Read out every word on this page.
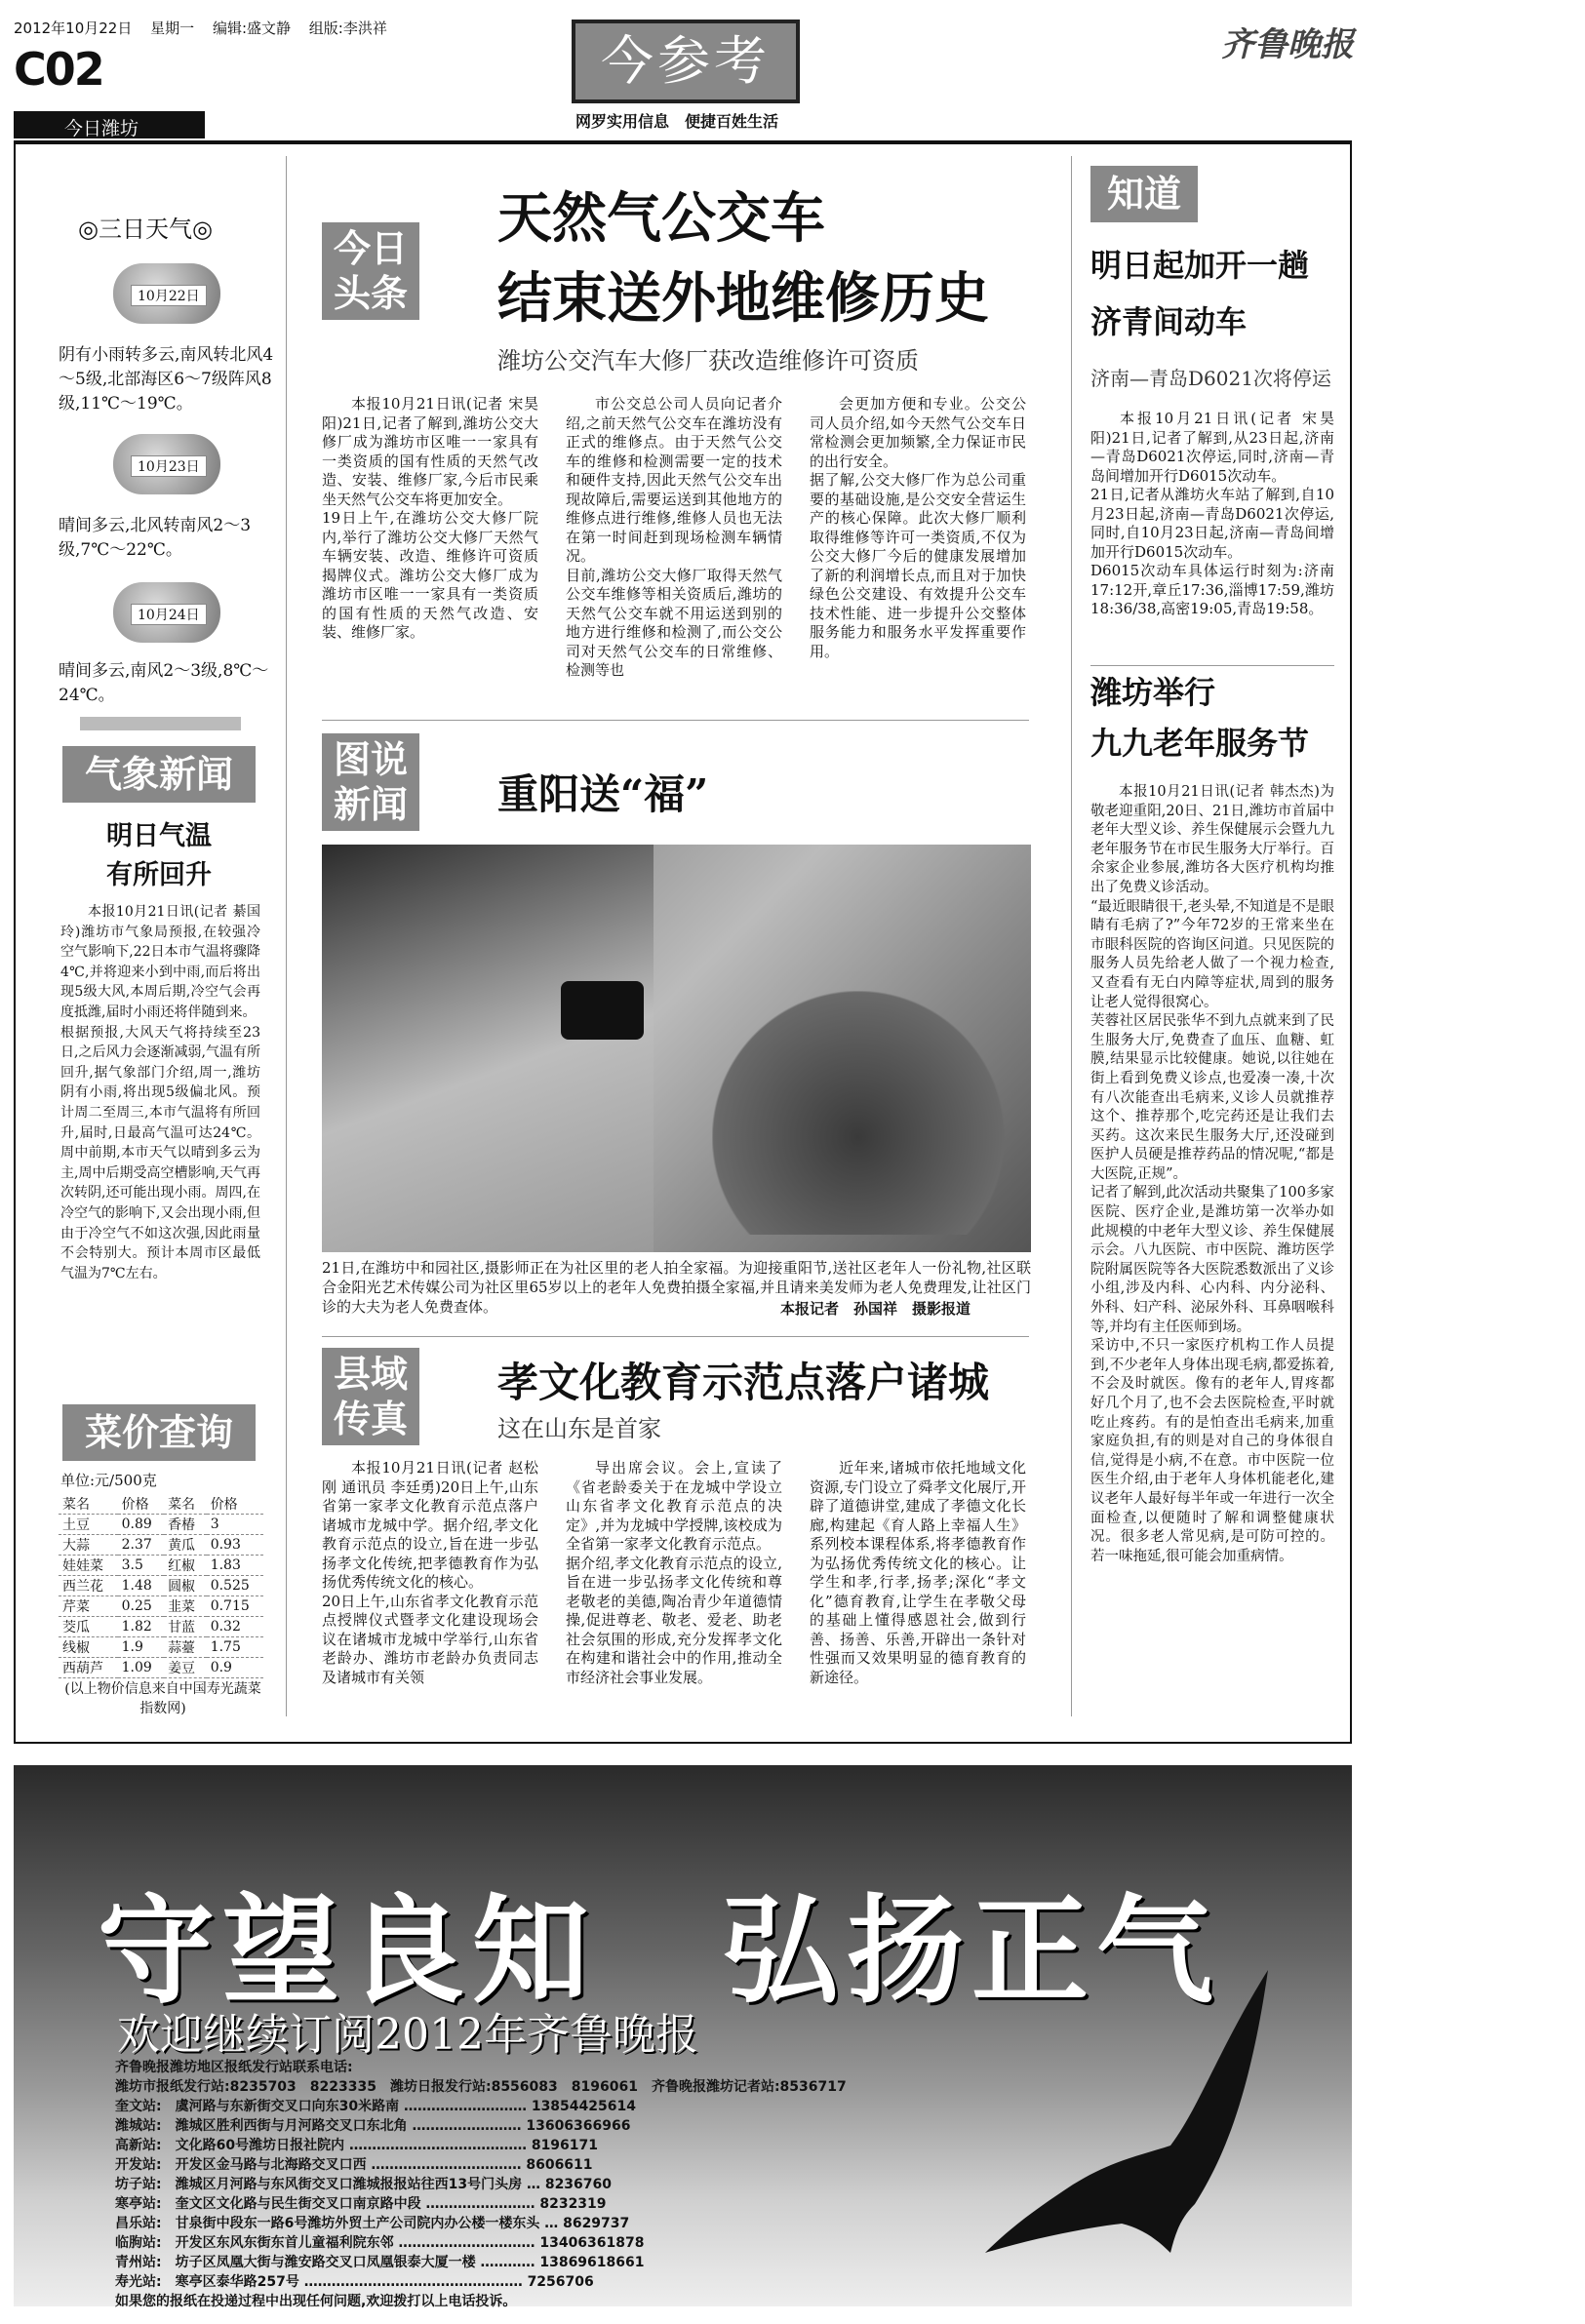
2012年10月22日 星期一 编辑:盛文静 组版:李洪祥
C02
今日潍坊
今参考
网罗实用信息　便捷百姓生活
齐鲁晚报
◎三日天气◎
10月22日
阴有小雨转多云,南风转北风4～5级,北部海区6～7级阵风8级,11℃～19℃。
10月23日
晴间多云,北风转南风2～3级,7℃～22℃。
10月24日
晴间多云,南风2～3级,8℃～24℃。
气象新闻
明日气温
有所回升
本报10月21日讯(记者 綦国玲)潍坊市气象局预报,在较强冷空气影响下,22日本市气温将骤降4℃,并将迎来小到中雨,而后将出现5级大风,本周后期,冷空气会再度抵潍,届时小雨还将伴随到来。
根据预报,大风天气将持续至23日,之后风力会逐渐减弱,气温有所回升,据气象部门介绍,周一,潍坊阴有小雨,将出现5级偏北风。预计周二至周三,本市气温将有所回升,届时,日最高气温可达24℃。周中前期,本市天气以晴到多云为主,周中后期受高空槽影响,天气再次转阴,还可能出现小雨。周四,在冷空气的影响下,又会出现小雨,但由于冷空气不如这次强,因此雨量不会特别大。预计本周市区最低气温为7℃左右。
菜价查询
单位:元/500克
菜名	价格	菜名	价格
土豆	0.89	香椿	3
大蒜	2.37	黄瓜	0.93
娃娃菜	3.5	红椒	1.83
西兰花	1.48	圆椒	0.525
芹菜	0.25	韭菜	0.715
茭瓜	1.82	甘蓝	0.32
线椒	1.9	蒜薹	1.75
西葫芦	1.09	姜豆	0.9
(以上物价信息来自中国寿光蔬菜指数网)
今日
头条
天然气公交车
结束送外地维修历史
潍坊公交汽车大修厂获改造维修许可资质
本报10月21日讯(记者 宋昊阳)21日,记者了解到,潍坊公交大修厂成为潍坊市区唯一一家具有一类资质的国有性质的天然气改造、安装、维修厂家,今后市民乘坐天然气公交车将更加安全。
19日上午,在潍坊公交大修厂院内,举行了潍坊公交大修厂天然气车辆安装、改造、维修许可资质揭牌仪式。潍坊公交大修厂成为潍坊市区唯一一家具有一类资质的国有性质的天然气改造、安装、维修厂家。
市公交总公司人员向记者介绍,之前天然气公交车在潍坊没有正式的维修点。由于天然气公交车的维修和检测需要一定的技术和硬件支持,因此天然气公交车出现故障后,需要运送到其他地方的维修点进行维修,维修人员也无法在第一时间赶到现场检测车辆情况。
目前,潍坊公交大修厂取得天然气公交车维修等相关资质后,潍坊的天然气公交车就不用运送到别的地方进行维修和检测了,而公交公司对天然气公交车的日常维修、检测等也
会更加方便和专业。公交公司人员介绍,如今天然气公交车日常检测会更加频繁,全力保证市民的出行安全。
据了解,公交大修厂作为总公司重要的基础设施,是公交安全营运生产的核心保障。此次大修厂顺利取得维修等许可一类资质,不仅为公交大修厂今后的健康发展增加了新的利润增长点,而且对于加快绿色公交建设、有效提升公交车技术性能、进一步提升公交整体服务能力和服务水平发挥重要作用。
图说
新闻 重阳送“福”
21日,在潍坊中和园社区,摄影师正在为社区里的老人拍全家福。为迎接重阳节,送社区老年人一份礼物,社区联合金阳光艺术传媒公司为社区里65岁以上的老年人免费拍摄全家福,并且请来美发师为老人免费理发,让社区门诊的大夫为老人免费查体。	本报记者　孙国祥　摄影报道
县域
传真
孝文化教育示范点落户诸城
这在山东是首家
本报10月21日讯(记者 赵松刚 通讯员 李廷勇)20日上午,山东省第一家孝文化教育示范点落户诸城市龙城中学。据介绍,孝文化教育示范点的设立,旨在进一步弘扬孝文化传统,把孝德教育作为弘扬优秀传统文化的核心。
20日上午,山东省孝文化教育示范点授牌仪式暨孝文化建设现场会议在诸城市龙城中学举行,山东省老龄办、潍坊市老龄办负责同志及诸城市有关领
导出席会议。会上,宣读了《省老龄委关于在龙城中学设立山东省孝文化教育示范点的决定》,并为龙城中学授牌,该校成为全省第一家孝文化教育示范点。
据介绍,孝文化教育示范点的设立,旨在进一步弘扬孝文化传统和尊老敬老的美德,陶冶青少年道德情操,促进尊老、敬老、爱老、助老社会氛围的形成,充分发挥孝文化在构建和谐社会中的作用,推动全市经济社会事业发展。
近年来,诸城市依托地域文化资源,专门设立了舜孝文化展厅,开辟了道德讲堂,建成了孝德文化长廊,构建起《育人路上幸福人生》系列校本课程体系,将孝德教育作为弘扬优秀传统文化的核心。让学生和孝,行孝,扬孝;深化“孝文化”德育教育,让学生在孝敬父母的基础上懂得感恩社会,做到行善、扬善、乐善,开辟出一条针对性强而又效果明显的德育教育的新途径。
知道
明日起加开一趟
济青间动车
济南—青岛D6021次将停运
本报10月21日讯(记者 宋昊阳)21日,记者了解到,从23日起,济南—青岛D6021次停运,同时,济南—青岛间增加开行D6015次动车。
21日,记者从潍坊火车站了解到,自10月23日起,济南—青岛D6021次停运,同时,自10月23日起,济南—青岛间增加开行D6015次动车。
D6015次动车具体运行时刻为:济南17:12开,章丘17:36,淄博17:59,潍坊18:36/38,高密19:05,青岛19:58。
潍坊举行
九九老年服务节
本报10月21日讯(记者 韩杰杰)为敬老迎重阳,20日、21日,潍坊市首届中老年大型义诊、养生保健展示会暨九九老年服务节在市民生服务大厅举行。百余家企业参展,潍坊各大医疗机构均推出了免费义诊活动。
“最近眼睛很干,老头晕,不知道是不是眼睛有毛病了?”今年72岁的王常来坐在市眼科医院的咨询区问道。只见医院的服务人员先给老人做了一个视力检查,又查看有无白内障等症状,周到的服务让老人觉得很窝心。
芙蓉社区居民张华不到九点就来到了民生服务大厅,免费查了血压、血糖、虹膜,结果显示比较健康。她说,以往她在街上看到免费义诊点,也爱凑一凑,十次有八次能查出毛病来,义诊人员就推荐这个、推荐那个,吃完药还是让我们去买药。这次来民生服务大厅,还没碰到医护人员硬是推荐药品的情况呢,“都是大医院,正规”。
记者了解到,此次活动共聚集了100多家医院、医疗企业,是潍坊第一次举办如此规模的中老年大型义诊、养生保健展示会。八九医院、市中医院、潍坊医学院附属医院等各大医院悉数派出了义诊小组,涉及内科、心内科、内分泌科、外科、妇产科、泌尿外科、耳鼻咽喉科等,并均有主任医师到场。
采访中,不只一家医疗机构工作人员提到,不少老年人身体出现毛病,都爱拣着,不会及时就医。像有的老年人,胃疼都好几个月了,也不会去医院检查,平时就吃止疼药。有的是怕查出毛病来,加重家庭负担,有的则是对自己的身体很自信,觉得是小病,不在意。市中医院一位医生介绍,由于老年人身体机能老化,建议老年人最好每半年或一年进行一次全面检查,以便随时了解和调整健康状况。很多老人常见病,是可防可控的。若一味拖延,很可能会加重病情。
守望良知　弘扬正气
欢迎继续订阅2012年齐鲁晚报
齐鲁晚报潍坊地区报纸发行站联系电话:
潍坊市报纸发行站:8235703　8223335　潍坊日报发行站:8556083　8196061　齐鲁晚报潍坊记者站:8536717
奎文站:　虞河路与东新街交叉口向东30米路南 ……………………… 13854425614
潍城站:　潍城区胜利西街与月河路交叉口东北角 …………………… 13606366966
高新站:　文化路60号潍坊日报社院内 ………………………………… 8196171
开发站:　开发区金马路与北海路交叉口西 …………………………… 8606611
坊子站:　潍城区月河路与东风街交叉口潍城报报站往西13号门头房 … 8236760
寒亭站:　奎文区文化路与民生街交叉口南京路中段 …………………… 8232319
昌乐站:　甘泉街中段东一路6号潍坊外贸土产公司院内办公楼一楼东头 … 8629737
临朐站:　开发区东风东街东首儿童福利院东邻 ………………………… 13406361878
青州站:　坊子区凤凰大街与潍安路交叉口凤凰银泰大厦一楼 ………… 13869618661
寿光站:　寒亭区泰华路257号 ………………………………………… 7256706
如果您的报纸在投递过程中出现任何问题,欢迎拨打以上电话投诉。
